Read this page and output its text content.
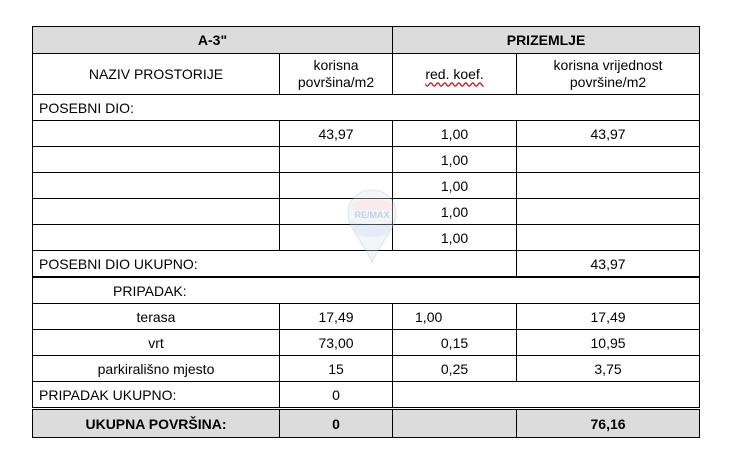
A-3"		PRIZEMLJE	
NAZIV PROSTORIJE	korisna površina/m2	red. koef.	korisna vrijednost površine/m2
POSEBNI DIO:			
	43,97	1,00	43,97
		1,00	
		1,00	
		1,00	
		1,00	
POSEBNI DIO UKUPNO:			43,97
PRIPADAK:			
terasa	17,49	1,00	17,49
vrt	73,00	0,15	10,95
parkirališno mjesto	15	0,25	3,75
PRIPADAK UKUPNO:	0		
UKUPNA POVRŠINA:	0		76,16
RE/MAX
